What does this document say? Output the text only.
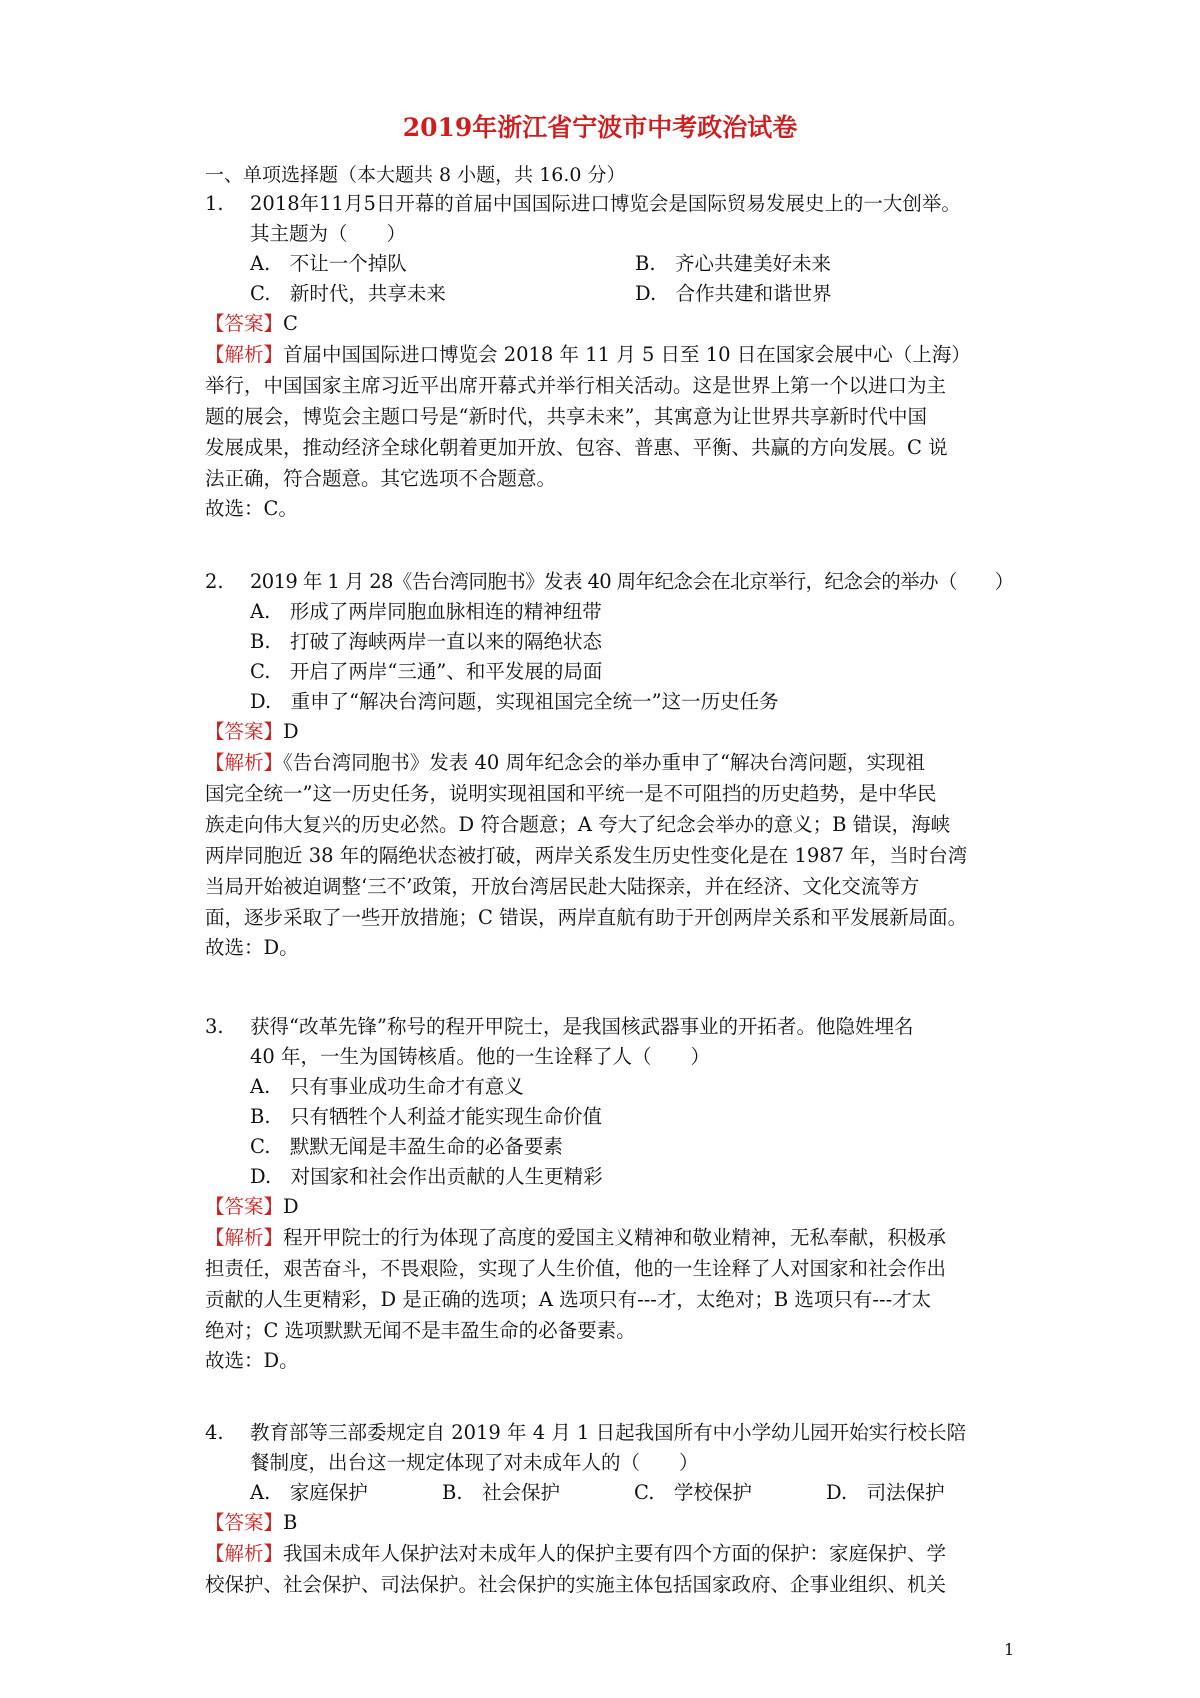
2019年浙江省宁波市中考政治试卷
一、单项选择题（本大题共 8 小题，共 16.0 分）
1.	2018年11月5日开幕的首届中国国际进口博览会是国际贸易发展史上的一大创举。
其主题为（　　）
A.　不让一个掉队	B.　齐心共建美好未来
C.　新时代，共享未来	D.　合作共建和谐世界
【答案】C
【解析】首届中国国际进口博览会 2018 年 11 月 5 日至 10 日在国家会展中心（上海）
举行，中国国家主席习近平出席开幕式并举行相关活动。这是世界上第一个以进口为主
题的展会，博览会主题口号是“新时代，共享未来”，其寓意为让世界共享新时代中国
发展成果，推动经济全球化朝着更加开放、包容、普惠、平衡、共赢的方向发展。C 说
法正确，符合题意。其它选项不合题意。
故选：C。
2.	2019 年 1 月 28《告台湾同胞书》发表 40 周年纪念会在北京举行，纪念会的举办（　　）
A.　形成了两岸同胞血脉相连的精神纽带
B.　打破了海峡两岸一直以来的隔绝状态
C.　开启了两岸“三通”、和平发展的局面
D.　重申了“解决台湾问题，实现祖国完全统一”这一历史任务
【答案】D
【解析】《告台湾同胞书》发表 40 周年纪念会的举办重申了“解决台湾问题，实现祖
国完全统一”这一历史任务，说明实现祖国和平统一是不可阻挡的历史趋势，是中华民
族走向伟大复兴的历史必然。D 符合题意；A 夸大了纪念会举办的意义；B 错误，海峡
两岸同胞近 38 年的隔绝状态被打破，两岸关系发生历史性变化是在 1987 年，当时台湾
当局开始被迫调整‘三不’政策，开放台湾居民赴大陆探亲，并在经济、文化交流等方
面，逐步采取了一些开放措施；C 错误，两岸直航有助于开创两岸关系和平发展新局面。
故选：D。
3.	获得“改革先锋”称号的程开甲院士，是我国核武器事业的开拓者。他隐姓埋名
40 年，一生为国铸核盾。他的一生诠释了人（　　）
A.　只有事业成功生命才有意义
B.　只有牺牲个人利益才能实现生命价值
C.　默默无闻是丰盈生命的必备要素
D.　对国家和社会作出贡献的人生更精彩
【答案】D
【解析】程开甲院士的行为体现了高度的爱国主义精神和敬业精神，无私奉献，积极承
担责任，艰苦奋斗，不畏艰险，实现了人生价值，他的一生诠释了人对国家和社会作出
贡献的人生更精彩，D 是正确的选项；A 选项只有---才，太绝对；B 选项只有---才太
绝对；C 选项默默无闻不是丰盈生命的必备要素。
故选：D。
4.	教育部等三部委规定自 2019 年 4 月 1 日起我国所有中小学幼儿园开始实行校长陪
餐制度，出台这一规定体现了对未成年人的（　　）
A.　家庭保护	B.　社会保护	C.　学校保护	D.　司法保护
【答案】B
【解析】我国未成年人保护法对未成年人的保护主要有四个方面的保护：家庭保护、学
校保护、社会保护、司法保护。社会保护的实施主体包括国家政府、企事业组织、机关
1
